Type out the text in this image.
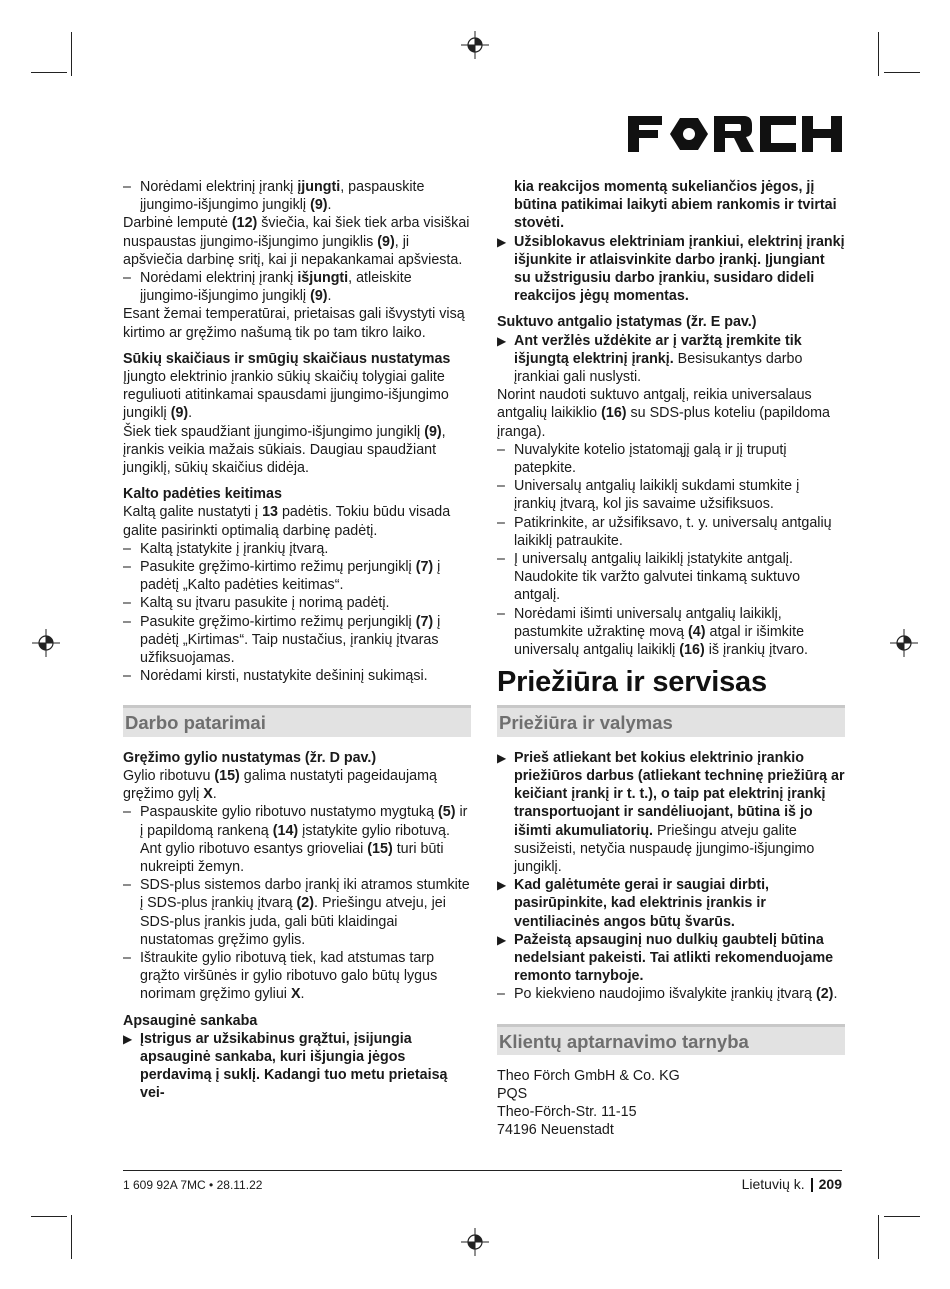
– Norėdami elektrinį įrankį įjungti, paspauskite įjungimo-išjungimo jungiklį (9).

Darbinė lemputė (12) šviečia, kai šiek tiek arba visiškai nuspaustas įjungimo-išjungimo jungiklis (9), ji apšviečia darbinę sritį, kai ji nepakankamai apšviesta.

– Norėdami elektrinį įrankį išjungti, atleiskite įjungimo-išjungimo jungiklį (9).

Esant žemai temperatūrai, prietaisas gali išvystyti visą kirtimo ar gręžimo našumą tik po tam tikro laiko.

Sūkių skaičiaus ir smūgių skaičiaus nustatymas

Įjungto elektrinio įrankio sūkių skaičių tolygiai galite reguliuoti atitinkamai spausdami įjungimo-išjungimo jungiklį (9).

Šiek tiek spaudžiant įjungimo-išjungimo jungiklį (9), įrankis veikia mažais sūkiais. Daugiau spaudžiant jungiklį, sūkių skaičius didėja.

Kalto padėties keitimas

Kaltą galite nustatyti į 13 padėtis. Tokiu būdu visada galite pasirinkti optimalią darbinę padėtį.

– Kaltą įstatykite į įrankių įtvarą.

– Pasukite gręžimo-kirtimo režimų perjungiklį (7) į padėtį „Kalto padėties keitimas“.

– Kaltą su įtvaru pasukite į norimą padėtį.

– Pasukite gręžimo-kirtimo režimų perjungiklį (7) į padėtį „Kirtimas“. Taip nustačius, įrankių įtvaras užfiksuojamas.

– Norėdami kirsti, nustatykite dešininį sukimąsi.

Darbo patarimai

Gręžimo gylio nustatymas (žr. D pav.)

Gylio ribotuvu (15) galima nustatyti pageidaujamą gręžimo gylį X.

– Paspauskite gylio ribotuvo nustatymo mygtuką (5) ir į papildomą rankeną (14) įstatykite gylio ribotuvą.

Ant gylio ribotuvo esantys grioveliai (15) turi būti nukreipti žemyn.

– SDS-plus sistemos darbo įrankį iki atramos stumkite į SDS-plus įrankių įtvarą (2). Priešingu atveju, jei SDS-plus įrankis juda, gali būti klaidingai nustatomas gręžimo gylis.

– Ištraukite gylio ribotuvą tiek, kad atstumas tarp grąžto viršūnės ir gylio ribotuvo galo būtų lygus norimam gręžimo gyliui X.

Apsauginė sankaba

▶ Įstrigus ar užsikabinus grąžtui, įsijungia apsauginė sankaba, kuri išjungia jėgos perdavimą į suklį. Kadangi tuo metu prietaisą vei-

kia reakcijos momentą sukeliančios jėgos, jį būtina patikimai laikyti abiem rankomis ir tvirtai stovėti.

▶ Užsiblokavus elektriniam įrankiui, elektrinį įrankį išjunkite ir atlaisvinkite darbo įrankį. Įjungiant su užstrigusiu darbo įrankiu, susidaro dideli reakcijos jėgų momentas.

Suktuvo antgalio įstatymas (žr. E pav.)

▶ Ant veržlės uždėkite ar į varžtą įremkite tik išjungtą elektrinį įrankį. Besisukantys darbo įrankiai gali nuslysti.

Norint naudoti suktuvo antgalį, reikia universalaus antgalių laikiklio (16) su SDS-plus koteliu (papildoma įranga).

– Nuvalykite kotelio įstatomąjį galą ir jį truputį patepkite.

– Universalų antgalių laikiklį sukdami stumkite į įrankių įtvarą, kol jis savaime užsifiksuos.

– Patikrinkite, ar užsifiksavo, t. y. universalų antgalių laikiklį patraukite.

– Į universalų antgalių laikiklį įstatykite antgalį. Naudokite tik varžto galvutei tinkamą suktuvo antgalį.

– Norėdami išimti universalų antgalių laikiklį, pastumkite užraktinę movą (4) atgal ir išimkite universalų antgalių laikiklį (16) iš įrankių įtvaro.

Priežiūra ir servisas
Priežiūra ir valymas

▶ Prieš atliekant bet kokius elektrinio įrankio priežiūros darbus (atliekant techninę priežiūrą ar keičiant įrankį ir t. t.), o taip pat elektrinį įrankį transportuojant ir sandėliuojant, būtina iš jo išimti akumuliatorių. Priešingu atveju galite susižeisti, netyčia nuspaudę įjungimo-išjungimo jungiklį.

▶ Kad galėtumėte gerai ir saugiai dirbti, pasirūpinkite, kad elektrinis įrankis ir ventiliacinės angos būtų švarūs.

▶ Pažeistą apsauginį nuo dulkių gaubtelį būtina nedelsiant pakeisti. Tai atlikti rekomenduojame remonto tarnyboje.

– Po kiekvieno naudojimo išvalykite įrankių įtvarą (2).

Klientų aptarnavimo tarnyba

Theo Förch GmbH & Co. KG

PQS

Theo-Förch-Str. 11-15

74196 Neuenstadt

1 609 92A 7MC • 28.11.22	Lietuvių k. 209
